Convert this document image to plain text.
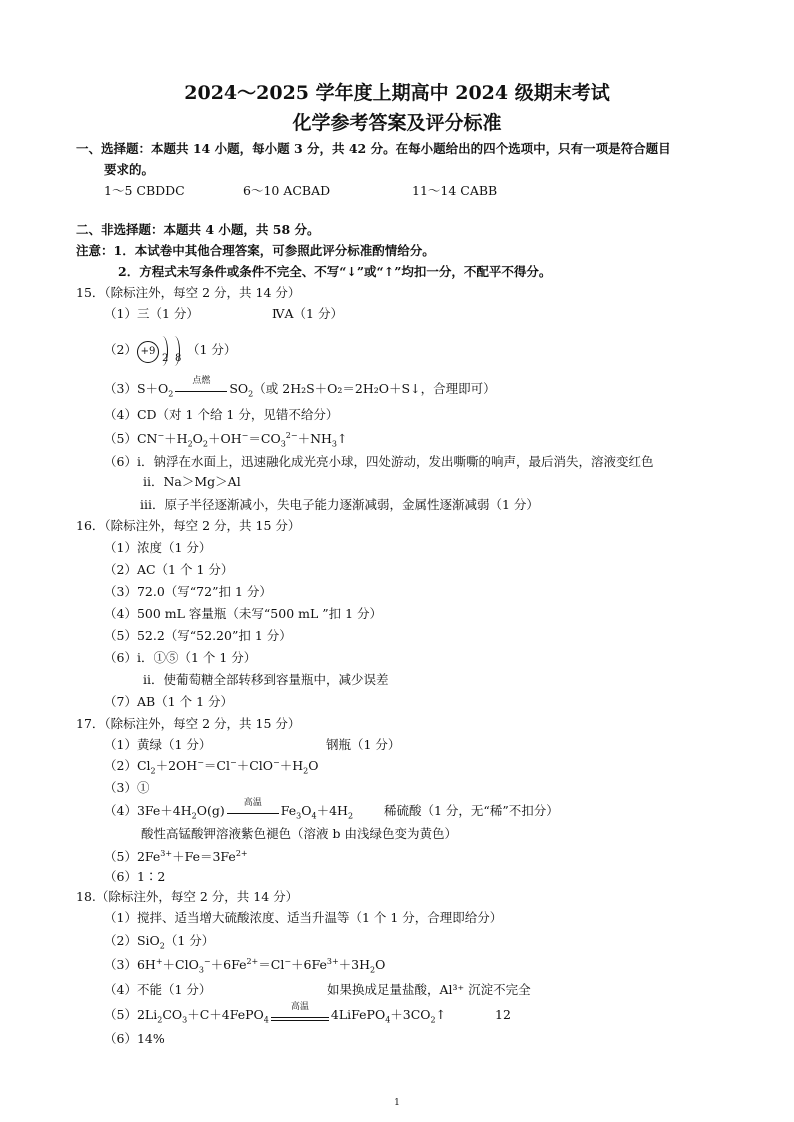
2024～2025 学年度上期高中 2024 级期末考试
化学参考答案及评分标准
一、选择题：本题共 14 小题，每小题 3 分，共 42 分。在每小题给出的四个选项中，只有一项是符合题目
要求的。
1～5 CBDDC	6～10 ACBAD	11～14 CABB
二、非选择题：本题共 4 小题，共 58 分。
注意：1．本试卷中其他合理答案，可参照此评分标准酌情给分。
2．方程式未写条件或条件不完全、不写“↓”或“↑”均扣一分，不配平不得分。
15．（除标注外，每空 2 分，共 14 分）
（1）三（1 分）	ⅣA（1 分）
（2） +9
2 8
（1 分）
$(3)S+O_2$
点燃
$SO_2$（或 2H₂S＋O₂＝2H₂O＋S↓，合理即可）
（4）CD（对 1 个给 1 分，见错不给分）
$(5)CN^-+H_2O_2+OH^-=CO_3^{2-}+NH_3↑$
（6）ⅰ．钠浮在水面上，迅速融化成光亮小球，四处游动，发出嘶嘶的响声，最后消失，溶液变红色
ⅱ．Na＞Mg＞Al
ⅲ．原子半径逐渐减小，失电子能力逐渐减弱，金属性逐渐减弱（1 分）
16．（除标注外，每空 2 分，共 15 分）
（1）浓度（1 分）
（2）AC（1 个 1 分）
（3）72.0（写“72”扣 1 分）
（4）500 mL 容量瓶（未写“500 mL ”扣 1 分）
（5）52.2（写“52.20”扣 1 分）
（6）ⅰ．①⑤（1 个 1 分）
ⅱ．使葡萄糖全部转移到容量瓶中，减少误差
（7）AB（1 个 1 分）
17．（除标注外，每空 2 分，共 15 分）
（1）黄绿（1 分）	钢瓶（1 分）
$(2)Cl_2+2OH^-=Cl^-+ClO^-+H_2O$
（3）①
$(4)3Fe+4H_2O(g)$
高温
$Fe_3O_4+4H_2$ 稀硫酸（1 分，无“稀”不扣分）
酸性高锰酸钾溶液紫色褪色（溶液 b 由浅绿色变为黄色）
$(5)2Fe^{3+}+Fe=3Fe^{2+}$
（6）1∶2
18.（除标注外，每空 2 分，共 14 分）
（1）搅拌、适当增大硫酸浓度、适当升温等（1 个 1 分，合理即给分）
（2）SiO$_2$（1 分）
$(3)6H^++ClO_3^-+6Fe^{2+}=Cl^-+6Fe^{3+}+3H_2O$
（4）不能（1 分）	如果换成足量盐酸，Al³⁺ 沉淀不完全
$(5)2Li_2CO_3+C+4FePO_4$
高温
$4LiFePO_4+3CO_2↑$	12
（6）14%
1
